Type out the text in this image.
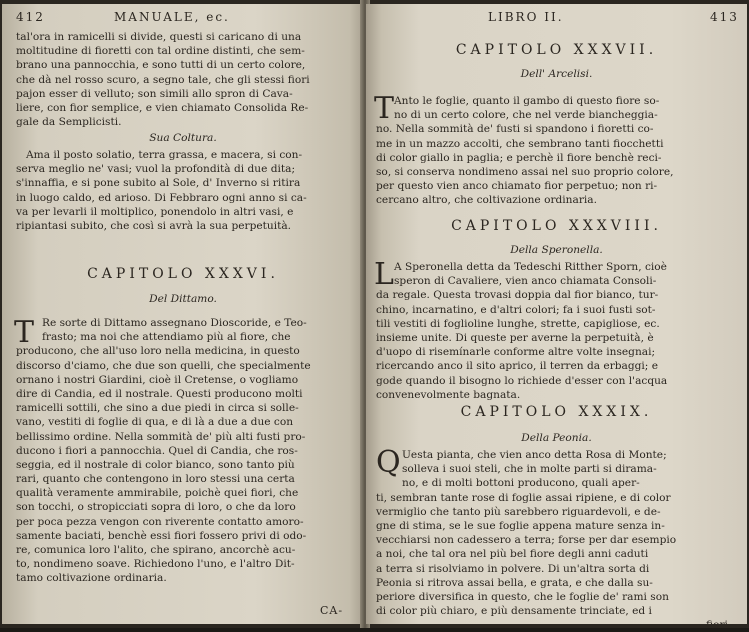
412	MANUALE, ec.
tal'ora in ramicelli si divide, questi si caricano di una
moltitudine di fioretti con tal ordine distinti, che sem-
brano una pannocchia, e sono tutti di un certo colore,
che dà nel rosso scuro, a segno tale, che gli stessi fiori
pajon esser di velluto; son simili allo spron di Cava-
liere, con fior semplice, e vien chiamato Consolida Re-
gale da Semplicisti.
Sua Coltura.
Ama il posto solatio, terra grassa, e macera, si con-
serva meglio ne' vasi; vuol la profondità di due dita;
s'innaffia, e si pone subito al Sole, d' Inverno si ritira
in luogo caldo, ed arioso. Di Febbraro ogni anno si ca-
va per levarli il moltiplico, ponendolo in altri vasi, e
ripiantasi subito, che così si avrà la sua perpetuità.
CAPITOLO XXXVI.
Del Dittamo.
T Re sorte di Dittamo assegnano Dioscoride, e Teo-
frasto; ma noi che attendiamo più al fiore, che
producono, che all'uso loro nella medicina, in questo
discorso d'ciamo, che due son quelli, che specialmente
ornano i nostri Giardini, cioè il Cretense, o vogliamo
dire di Candia, ed il nostrale. Questi producono molti
ramicelli sottili, che sino a due piedi in circa si solle-
vano, vestiti di foglie di qua, e di là a due a due con
bellissimo ordine. Nella sommità de' più alti fusti pro-
ducono i fiori a pannocchia. Quel di Candia, che ros-
seggia, ed il nostrale di color bianco, sono tanto più
rari, quanto che contengono in loro stessi una certa
qualità veramente ammirabile, poichè quei fiori, che
son tocchi, o stropicciati sopra di loro, o che da loro
per poca pezza vengon con riverente contatto amoro-
samente baciati, benchè essi fiori fossero privi di odo-
re, comunica loro l'alito, che spirano, ancorchè acu-
to, nondimeno soave. Richiedono l'uno, e l'altro Dit-
tamo coltivazione ordinaria.
CA-
LIBRO II.	413
CAPITOLO XXXVII.
Dell' Arcelisi.
T Anto le foglie, quanto il gambo di questo fiore so-
no di un certo colore, che nel verde biancheggia-
no. Nella sommità de' fusti si spandono i fioretti co-
me in un mazzo accolti, che sembrano tanti fiocchetti
di color giallo in paglia; e perchè il fiore benchè reci-
so, si conserva nondimeno assai nel suo proprio colore,
per questo vien anco chiamato fior perpetuo; non ri-
cercano altro, che coltivazione ordinaria.
CAPITOLO XXXVIII.
Della Speronella.
L A Speronella detta da Tedeschi Ritther Sporn, cioè
speron di Cavaliere, vien anco chiamata Consoli-
da regale. Questa trovasi doppia dal fior bianco, tur-
chino, incarnatino, e d'altri colori; fa i suoi fusti sot-
tili vestiti di foglioline lunghe, strette, capigliose, ec.
insieme unite. Di queste per averne la perpetuità, è
d'uopo di risemínarle conforme altre volte insegnai;
ricercando anco il sito aprico, il terren da erbaggi; e
gode quando il bisogno lo richiede d'esser con l'acqua
convenevolmente bagnata.
CAPITOLO XXXIX.
Della Peonia.
Q Uesta pianta, che vien anco detta Rosa di Monte;
solleva i suoi steli, che in molte parti si dirama-
no, e di molti bottoni producono, quali aper-
ti, sembran tante rose di foglie assai ripiene, e di color
vermiglio che tanto più sarebbero riguardevoli, e de-
gne di stima, se le sue foglie appena mature senza in-
vecchiarsi non cadessero a terra; forse per dar esempio
a noi, che tal ora nel più bel fiore degli anni caduti
a terra si risolviamo in polvere. Di un'altra sorta di
Peonia si ritrova assai bella, e grata, e che dalla su-
periore diversifica in questo, che le foglie de' rami son
di color più chiaro, e più densamente trinciate, ed i
fiori
